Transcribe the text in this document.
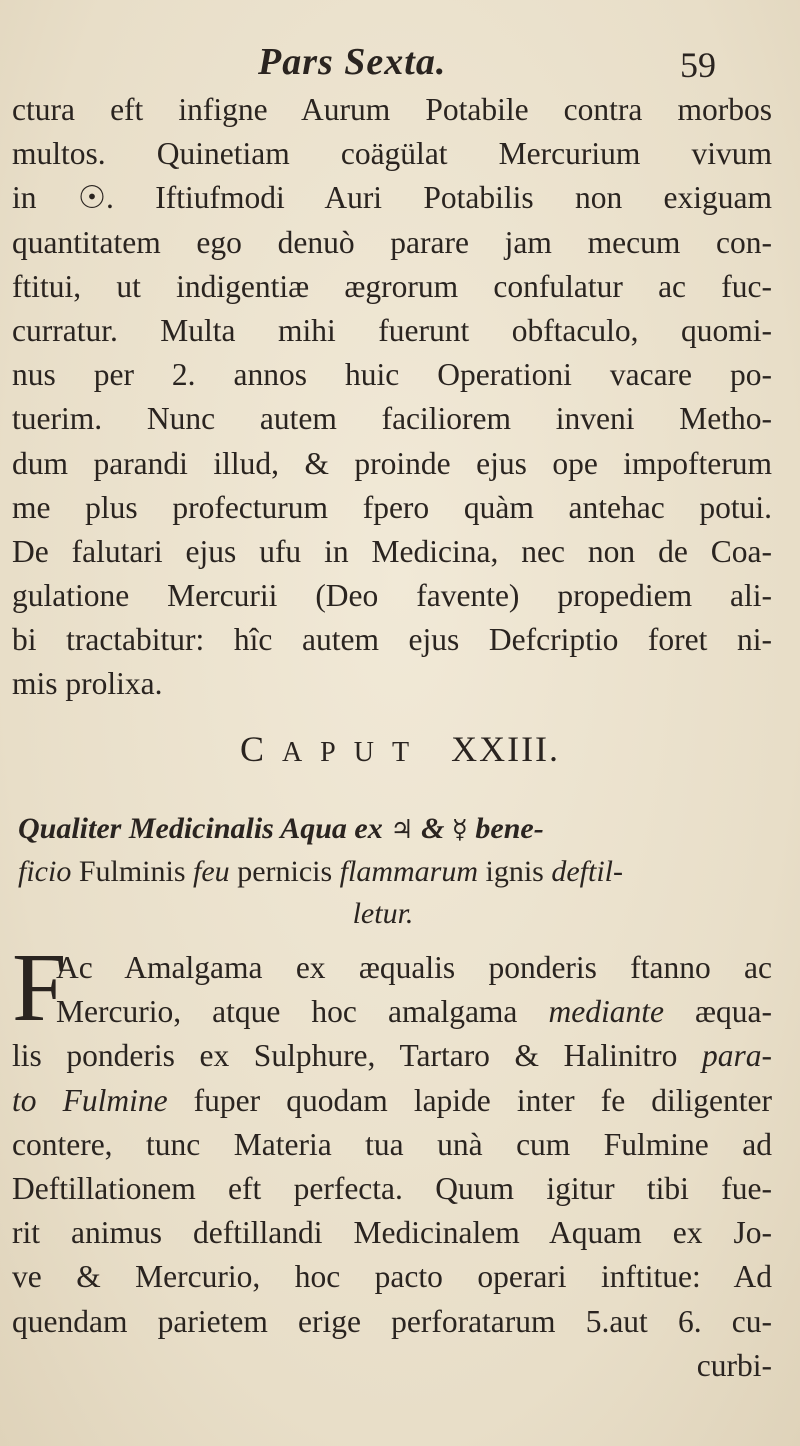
Pars Sexta.	59
ctura eft infigne Aurum Potabile contra morbos
multos. Quinetiam coägülat Mercurium vivum
in ☉. Iftiufmodi Auri Potabilis non exiguam
quantitatem ego denuò parare jam mecum con-
ftitui, ut indigentiæ ægrorum confulatur ac fuc-
curratur. Multa mihi fuerunt obftaculo, quomi-
nus per 2. annos huic Operationi vacare po-
tuerim. Nunc autem faciliorem inveni Metho-
dum parandi illud, & proinde ejus ope impofterum
me plus profecturum fpero quàm antehac potui.
De falutari ejus ufu in Medicina, nec non de Coa-
gulatione Mercurii (Deo favente) propediem ali-
bi tractabitur: hîc autem ejus Defcriptio foret ni-
mis prolixa.
CAPUT XXIII.
Qualiter Medicinalis Aqua ex ♃ & ☿ bene-
ficio Fulminis feu pernicis flammarum ignis deftil-
letur.
F
Ac Amalgama ex æqualis ponderis ftanno ac
Mercurio, atque hoc amalgama mediante æqua-
lis ponderis ex Sulphure, Tartaro & Halinitro para-
to Fulmine fuper quodam lapide inter fe diligenter
contere, tunc Materia tua unà cum Fulmine ad
Deftillationem eft perfecta. Quum igitur tibi fue-
rit animus deftillandi Medicinalem Aquam ex Jo-
ve & Mercurio, hoc pacto operari inftitue: Ad
quendam parietem erige perforatarum 5.aut 6. cu-
curbi-
